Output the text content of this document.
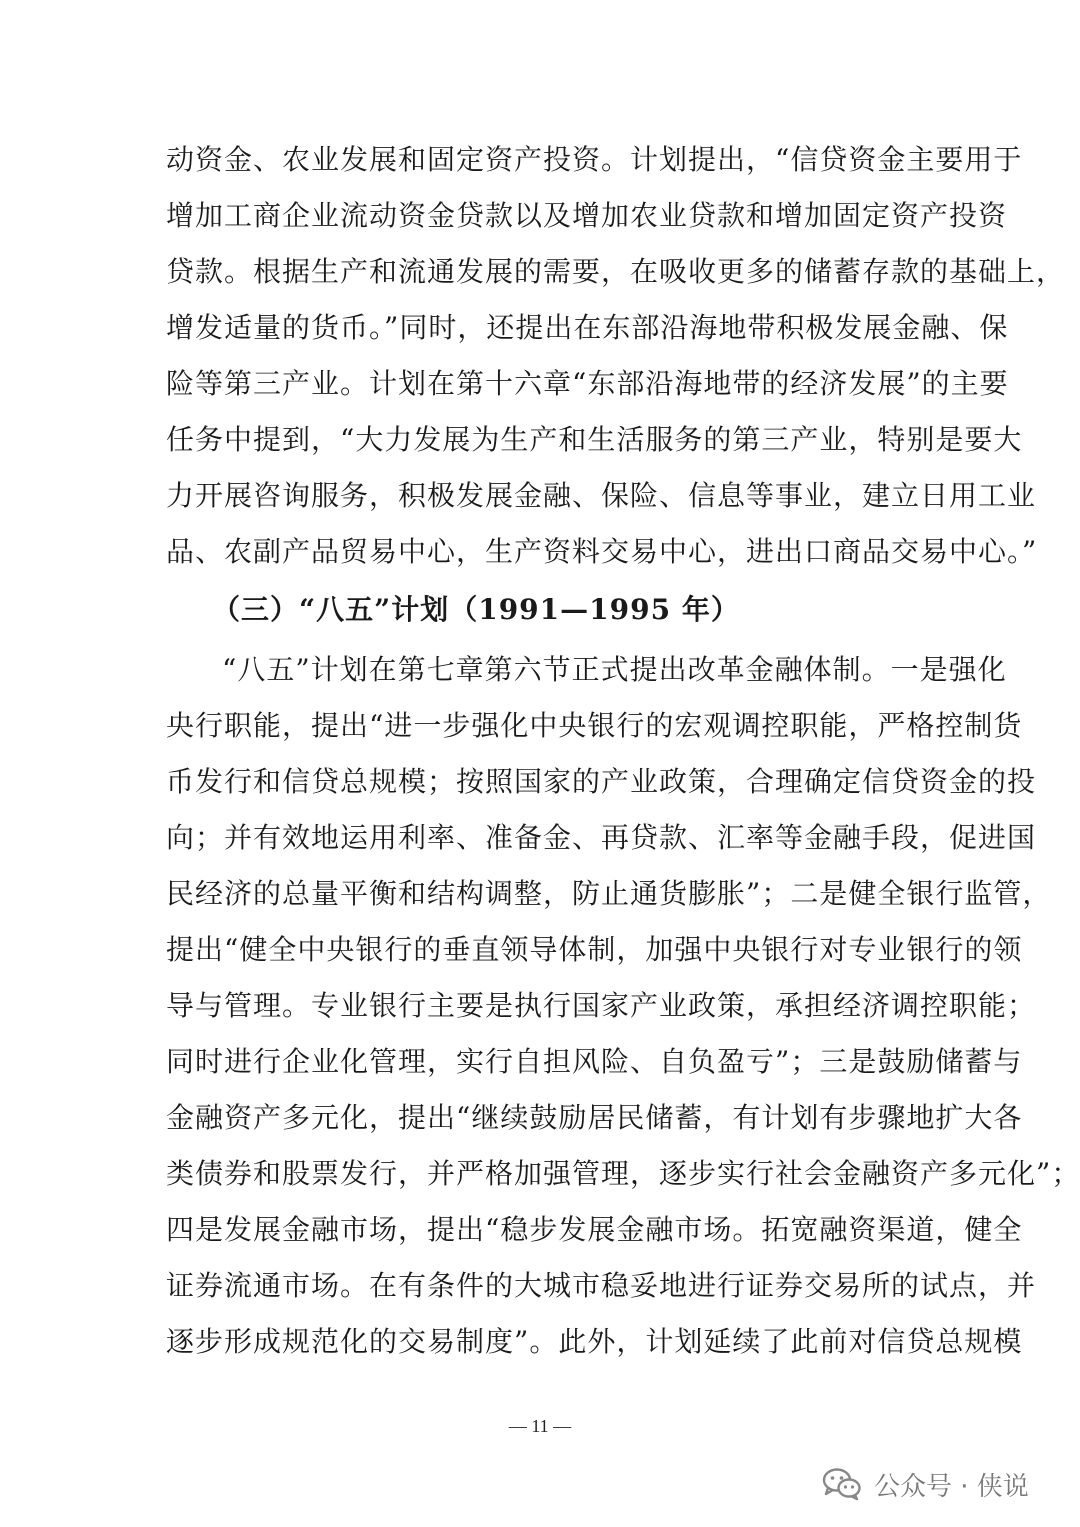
动资金、农业发展和固定资产投资。计划提出，“信贷资金主要用于
增加工商企业流动资金贷款以及增加农业贷款和增加固定资产投资
贷款。根据生产和流通发展的需要，在吸收更多的储蓄存款的基础上，
增发适量的货币。”同时，还提出在东部沿海地带积极发展金融、保
险等第三产业。计划在第十六章“东部沿海地带的经济发展”的主要
任务中提到，“大力发展为生产和生活服务的第三产业，特别是要大
力开展咨询服务，积极发展金融、保险、信息等事业，建立日用工业
品、农副产品贸易中心，生产资料交易中心，进出口商品交易中心。”
（三）“八五”计划（1991—1995 年）
“八五”计划在第七章第六节正式提出改革金融体制。一是强化
央行职能，提出“进一步强化中央银行的宏观调控职能，严格控制货
币发行和信贷总规模；按照国家的产业政策，合理确定信贷资金的投
向；并有效地运用利率、准备金、再贷款、汇率等金融手段，促进国
民经济的总量平衡和结构调整，防止通货膨胀”；二是健全银行监管，
提出“健全中央银行的垂直领导体制，加强中央银行对专业银行的领
导与管理。专业银行主要是执行国家产业政策，承担经济调控职能；
同时进行企业化管理，实行自担风险、自负盈亏”；三是鼓励储蓄与
金融资产多元化，提出“继续鼓励居民储蓄，有计划有步骤地扩大各
类债券和股票发行，并严格加强管理，逐步实行社会金融资产多元化”；
四是发展金融市场，提出“稳步发展金融市场。拓宽融资渠道，健全
证券流通市场。在有条件的大城市稳妥地进行证券交易所的试点，并
逐步形成规范化的交易制度”。此外，计划延续了此前对信贷总规模
— 11 —
公众号 · 侠说
